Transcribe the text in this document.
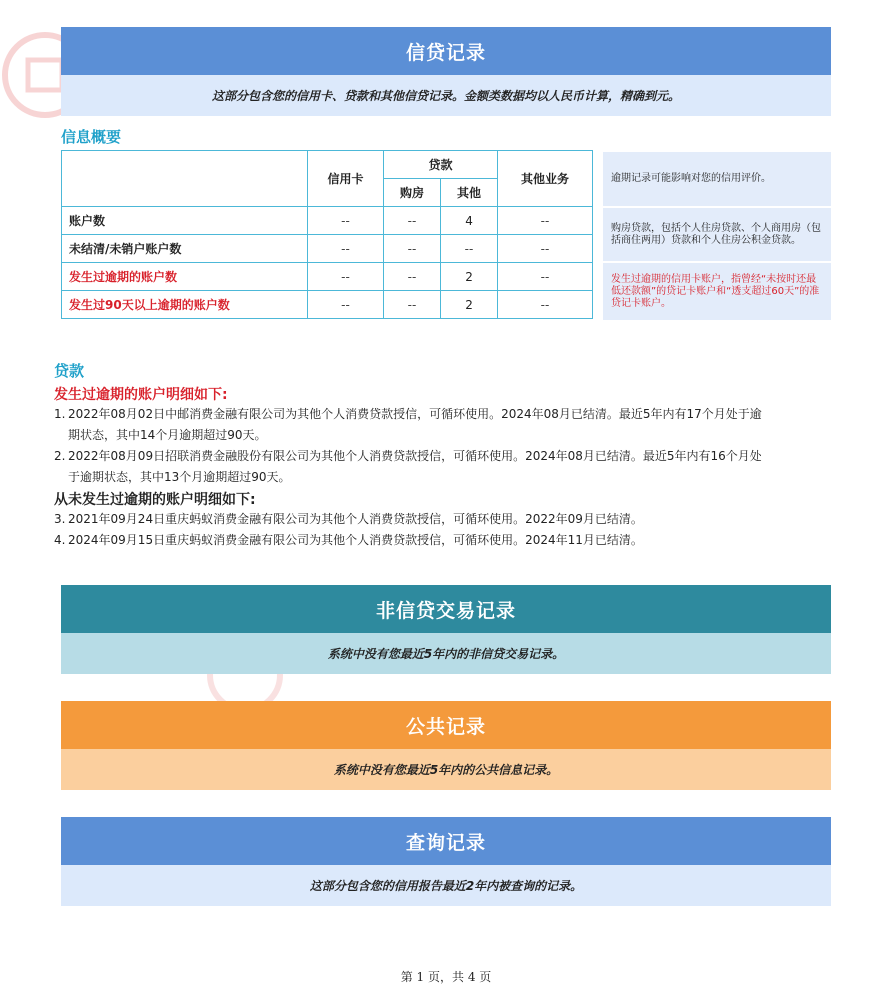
信贷记录
这部分包含您的信用卡、贷款和其他信贷记录。金额类数据均以人民币计算，精确到元。
信息概要
	信用卡	贷款		其他业务
		购房	其他	
账户数	--	--	4	--
未结清/未销户账户数	--	--	--	--
发生过逾期的账户数	--	--	2	--
发生过90天以上逾期的账户数	--	--	2	--
逾期记录可能影响对您的信用评价。
购房贷款，包括个人住房贷款、个人商用房（包括商住两用）贷款和个人住房公积金贷款。
发生过逾期的信用卡账户，指曾经“未按时还最低还款额”的贷记卡账户和“透支超过60天”的准贷记卡账户。
贷款
发生过逾期的账户明细如下:
1. 2022年08月02日中邮消费金融有限公司为其他个人消费贷款授信，可循环使用。2024年08月已结清。最近5年内有17个月处于逾
期状态，其中14个月逾期超过90天。
2. 2022年08月09日招联消费金融股份有限公司为其他个人消费贷款授信，可循环使用。2024年08月已结清。最近5年内有16个月处
于逾期状态，其中13个月逾期超过90天。
从未发生过逾期的账户明细如下:
3. 2021年09月24日重庆蚂蚁消费金融有限公司为其他个人消费贷款授信，可循环使用。2022年09月已结清。
4. 2024年09月15日重庆蚂蚁消费金融有限公司为其他个人消费贷款授信，可循环使用。2024年11月已结清。
非信贷交易记录
系统中没有您最近5年内的非信贷交易记录。
公共记录
系统中没有您最近5年内的公共信息记录。
查询记录
这部分包含您的信用报告最近2年内被查询的记录。
第 1 页，共 4 页
